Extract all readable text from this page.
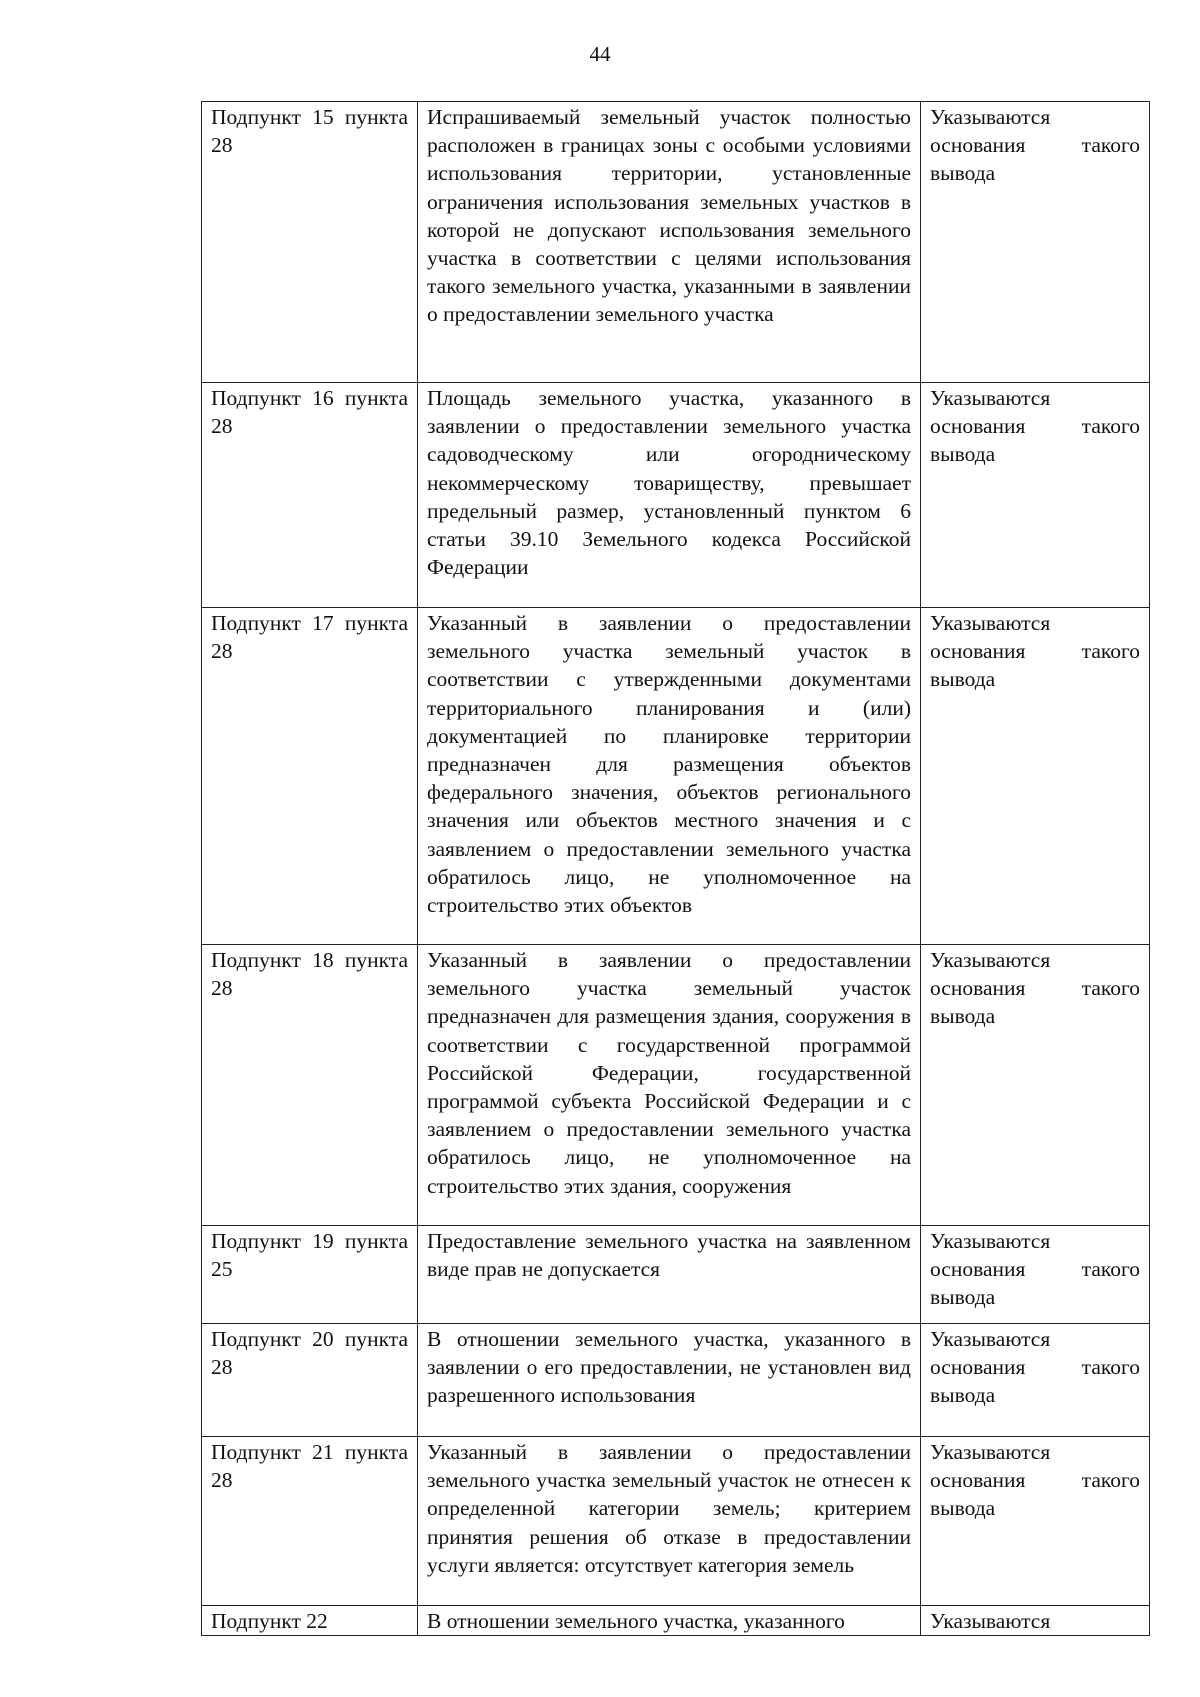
44
Подпункт 15 пункта 28	Испрашиваемый земельный участок полностью расположен в границах зоны с особыми условиями использования территории, установленные ограничения использования земельных участков в которой не допускают использования земельного участка в соответствии с целями использования такого земельного участка, указанными в заявлении о предоставлении земельного участка	Указываются основания такого вывода

Подпункт 16 пункта 28	Площадь земельного участка, указанного в заявлении о предоставлении земельного участка садоводческому или огородническому некоммерческому товариществу, превышает предельный размер, установленный пунктом 6 статьи 39.10 Земельного кодекса Российской Федерации	Указываются основания такого вывода

Подпункт 17 пункта 28	Указанный в заявлении о предоставлении земельного участка земельный участок в соответствии с утвержденными документами территориального планирования и (или) документацией по планировке территории предназначен для размещения объектов федерального значения, объектов регионального значения или объектов местного значения и с заявлением о предоставлении земельного участка обратилось лицо, не уполномоченное на строительство этих объектов	Указываются основания такого вывода

Подпункт 18 пункта 28	Указанный в заявлении о предоставлении земельного участка земельный участок предназначен для размещения здания, сооружения в соответствии с государственной программой Российской Федерации, государственной программой субъекта Российской Федерации и с заявлением о предоставлении земельного участка обратилось лицо, не уполномоченное на строительство этих здания, сооружения	Указываются основания такого вывода

Подпункт 19 пункта 25	Предоставление земельного участка на заявленном виде прав не допускается	Указываются основания такого вывода

Подпункт 20 пункта 28	В отношении земельного участка, указанного в заявлении о его предоставлении, не установлен вид разрешенного использования	Указываются основания такого вывода

Подпункт 21 пункта 28	Указанный в заявлении о предоставлении земельного участка земельный участок не отнесен к определенной категории земель; критерием принятия решения об отказе в предоставлении услуги является: отсутствует категория земель	Указываются основания такого вывода

Подпункт 22	В отношении земельного участка, указанного	Указываются
